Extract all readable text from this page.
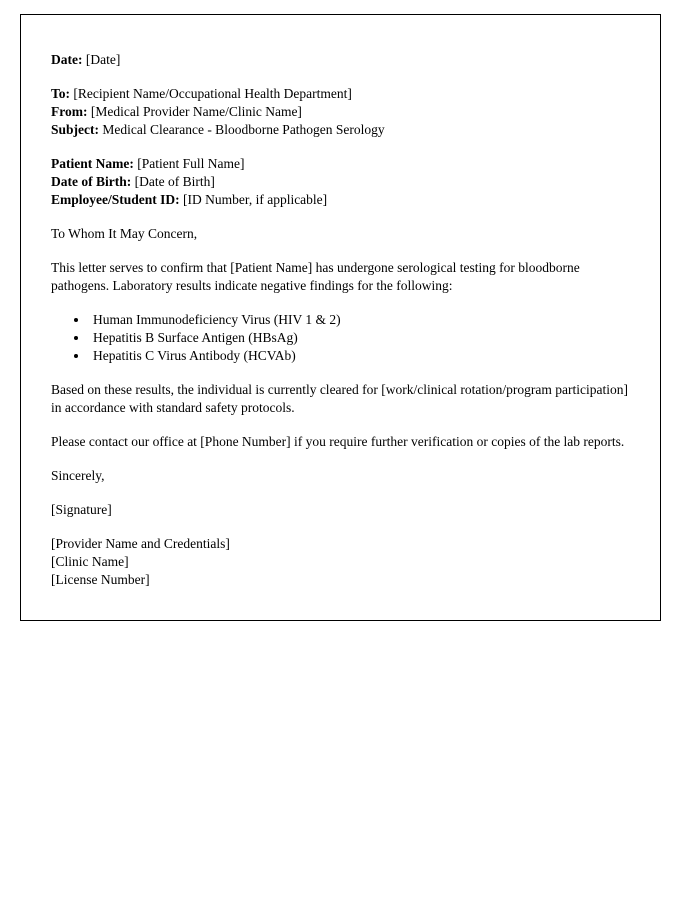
Date: [Date]

To: [Recipient Name/Occupational Health Department]

From: [Medical Provider Name/Clinic Name]

Subject: Medical Clearance - Bloodborne Pathogen Serology

Patient Name: [Patient Full Name]

Date of Birth: [Date of Birth]

Employee/Student ID: [ID Number, if applicable]

To Whom It May Concern,

This letter serves to confirm that [Patient Name] has undergone serological testing for bloodborne pathogens. Laboratory results indicate negative findings for the following:

• Human Immunodeficiency Virus (HIV 1 & 2)
• Hepatitis B Surface Antigen (HBsAg)
• Hepatitis C Virus Antibody (HCVAb)

Based on these results, the individual is currently cleared for [work/clinical rotation/program participation] in accordance with standard safety protocols.

Please contact our office at [Phone Number] if you require further verification or copies of the lab reports.

Sincerely,

[Signature]

[Provider Name and Credentials]

[Clinic Name]

[License Number]
